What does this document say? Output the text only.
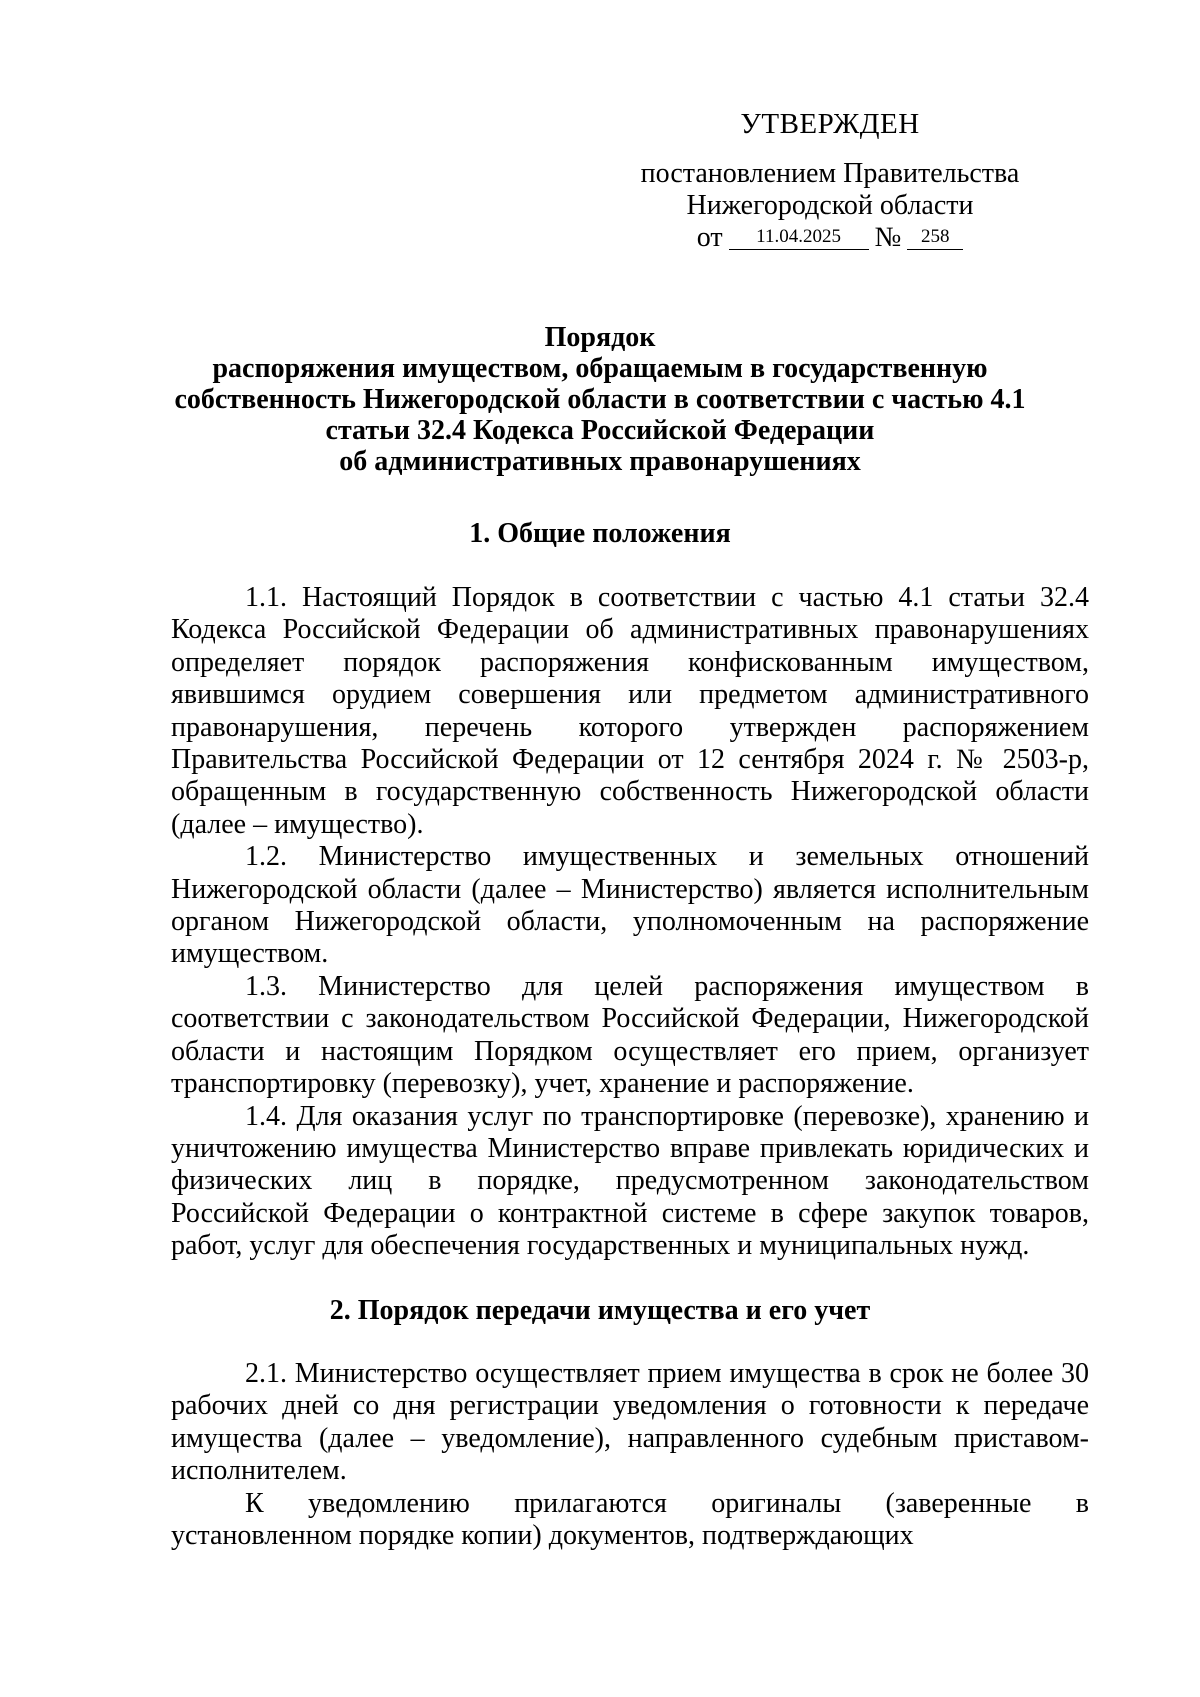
УТВЕРЖДЕН
постановлением Правительства
Нижегородской области
от	11.04.2025	№	258
Порядок
распоряжения имуществом, обращаемым в государственную
собственность Нижегородской области в соответствии с частью 4.1
статьи 32.4 Кодекса Российской Федерации
об административных правонарушениях
1. Общие положения

1.1. Настоящий Порядок в соответствии с частью 4.1 статьи 32.4 Кодекса Российской Федерации об административных правонарушениях определяет порядок распоряжения конфискованным имуществом, явившимся орудием совершения или предметом административного правонарушения, перечень которого утвержден распоряжением Правительства Российской Федерации от 12 сентября 2024 г. № 2503-р, обращенным в государственную собственность Нижегородской области (далее – имущество).

1.2. Министерство имущественных и земельных отношений Нижегородской области (далее – Министерство) является исполнительным органом Нижегородской области, уполномоченным на распоряжение имуществом.

1.3. Министерство для целей распоряжения имуществом в соответствии с законодательством Российской Федерации, Нижегородской области и настоящим Порядком осуществляет его прием, организует транспортировку (перевозку), учет, хранение и распоряжение.

1.4. Для оказания услуг по транспортировке (перевозке), хранению и уничтожению имущества Министерство вправе привлекать юридических и физических лиц в порядке, предусмотренном законодательством Российской Федерации о контрактной системе в сфере закупок товаров, работ, услуг для обеспечения государственных и муниципальных нужд.

2. Порядок передачи имущества и его учет

2.1. Министерство осуществляет прием имущества в срок не более 30 рабочих дней со дня регистрации уведомления о готовности к передаче имущества (далее – уведомление), направленного судебным приставом-исполнителем.

К уведомлению прилагаются оригиналы (заверенные в установленном порядке копии) документов, подтверждающих
